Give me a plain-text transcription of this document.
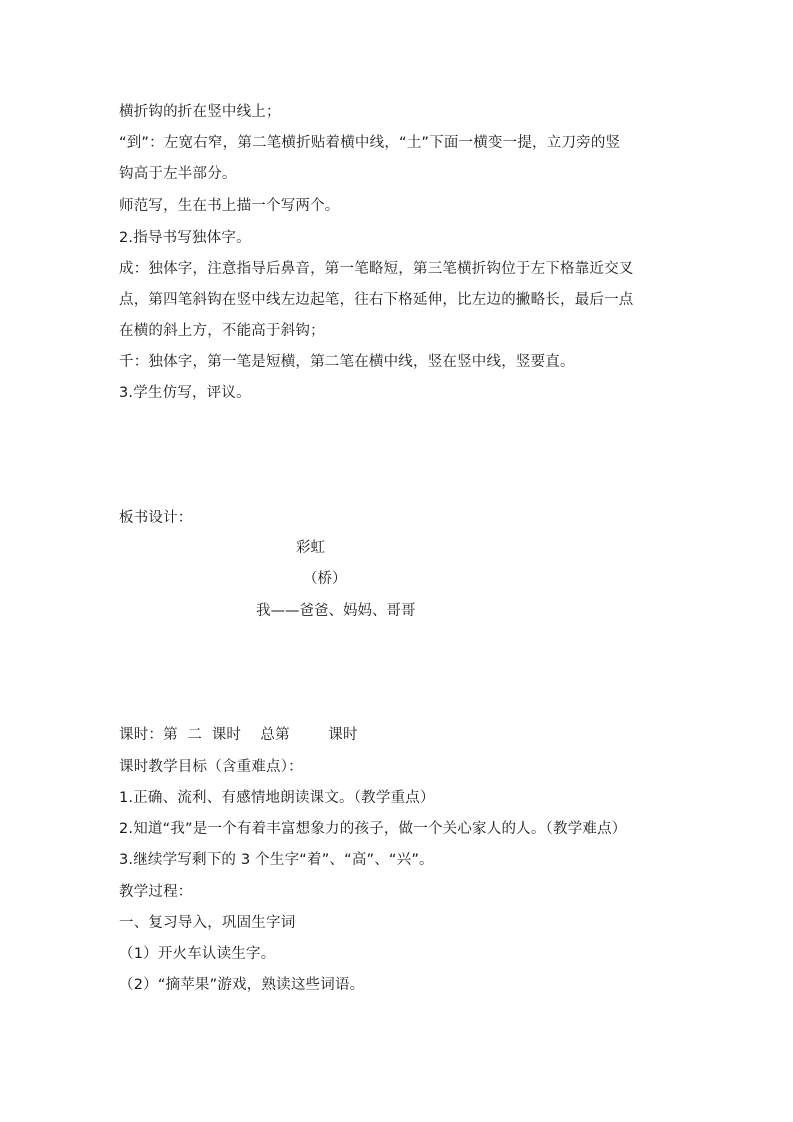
横折钩的折在竖中线上；
“到”：左宽右窄，第二笔横折贴着横中线，“土”下面一横变一提，立刀旁的竖
钩高于左半部分。
师范写，生在书上描一个写两个。
2.指导书写独体字。
成：独体字，注意指导后鼻音，第一笔略短，第三笔横折钩位于左下格靠近交叉
点，第四笔斜钩在竖中线左边起笔，往右下格延伸，比左边的撇略长，最后一点
在横的斜上方，不能高于斜钩；
千：独体字，第一笔是短横，第二笔在横中线，竖在竖中线，竖要直。
3.学生仿写，评议。
板书设计：
彩虹
（桥）
我——爸爸、妈妈、哥哥
课时：第  二  课时    总第        课时
课时教学目标（含重难点）：
1.正确、流利、有感情地朗读课文。（教学重点）
2.知道“我”是一个有着丰富想象力的孩子，做一个关心家人的人。（教学难点）
3.继续学写剩下的 3 个生字“着”、“高”、“兴”。
教学过程：
一、复习导入，巩固生字词
（1）开火车认读生字。
（2）“摘苹果”游戏，熟读这些词语。
